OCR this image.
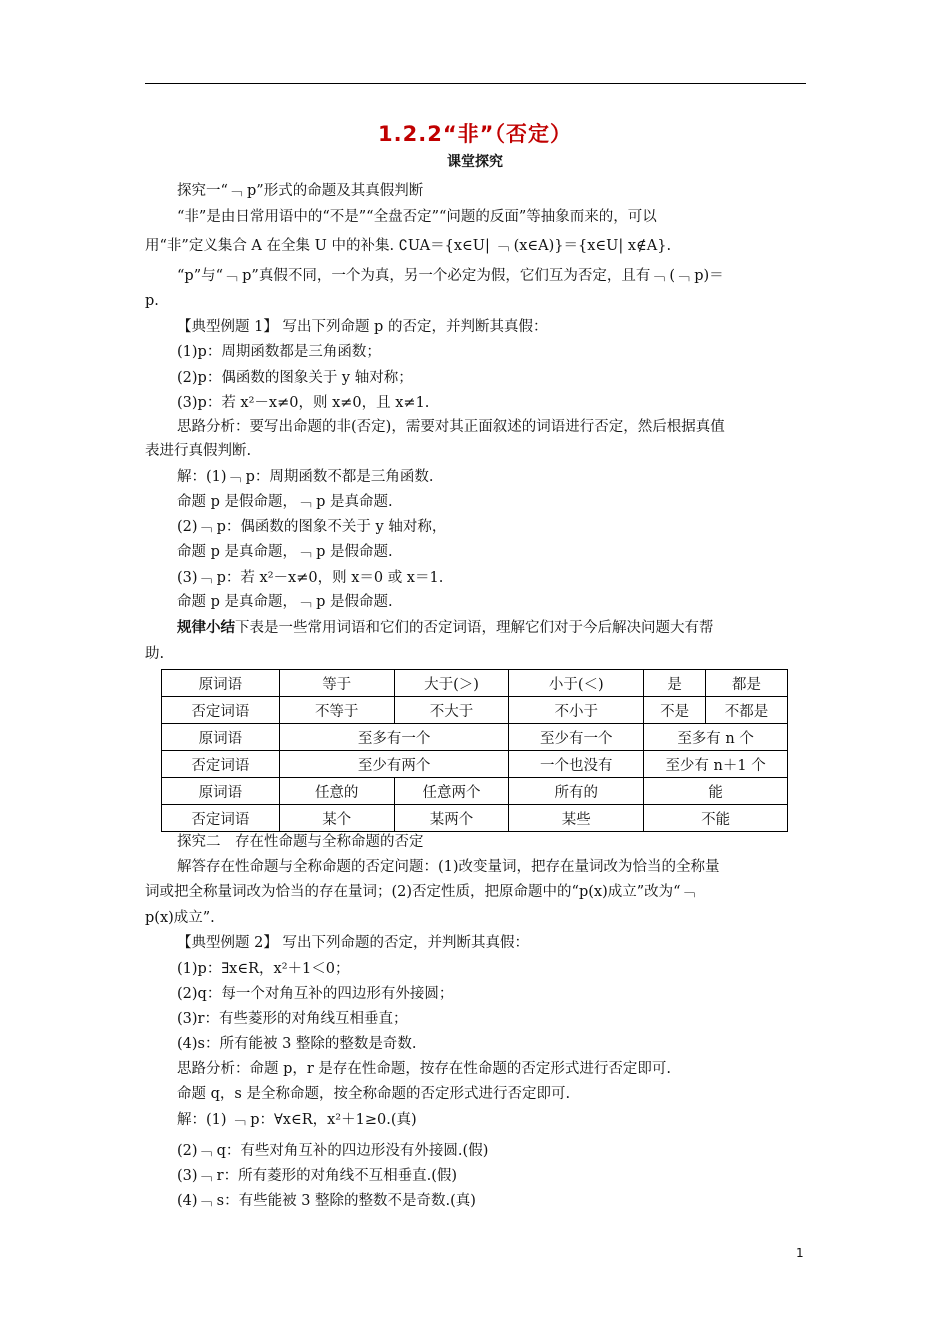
1.2.2“非”（否定）
课堂探究
探究一“﹁ p”形式的命题及其真假判断
“非”是由日常用语中的“不是”“全盘否定”“问题的反面”等抽象而来的，可以
用“非”定义集合 A 在全集 U 中的补集. ∁UA＝{x∈U| ﹁ (x∈A)}＝{x∈U| x∉A}.
“p”与“﹁ p”真假不同，一个为真，另一个必定为假，它们互为否定，且有﹁ (﹁ p)＝
p.
【典型例题 1】 写出下列命题 p 的否定，并判断其真假：
(1)p：周期函数都是三角函数；
(2)p：偶函数的图象关于 y 轴对称；
(3)p：若 x²－x≠0，则 x≠0，且 x≠1.
思路分析：要写出命题的非(否定)，需要对其正面叙述的词语进行否定，然后根据真值
表进行真假判断.
解：(1)﹁ p：周期函数不都是三角函数.
命题 p 是假命题，﹁ p 是真命题.
(2)﹁ p：偶函数的图象不关于 y 轴对称，
命题 p 是真命题，﹁ p 是假命题.
(3)﹁ p：若 x²－x≠0，则 x＝0 或 x＝1.
命题 p 是真命题，﹁ p 是假命题.
规律小结下表是一些常用词语和它们的否定词语，理解它们对于今后解决问题大有帮
助.
原词语	等于	大于(＞)	小于(＜)	是	都是
否定词语	不等于	不大于	不小于	不是	不都是
原词语	至多有一个		至少有一个	至多有 n 个	
否定词语	至少有两个		一个也没有	至少有 n＋1 个	
原词语	任意的	任意两个	所有的	能	
否定词语	某个	某两个	某些	不能	
探究二　存在性命题与全称命题的否定
解答存在性命题与全称命题的否定问题：(1)改变量词，把存在量词改为恰当的全称量
词或把全称量词改为恰当的存在量词；(2)否定性质，把原命题中的“p(x)成立”改为“﹁
p(x)成立”.
【典型例题 2】 写出下列命题的否定，并判断其真假：
(1)p：∃x∈R，x²＋1＜0；
(2)q：每一个对角互补的四边形有外接圆；
(3)r：有些菱形的对角线互相垂直；
(4)s：所有能被 3 整除的整数是奇数.
思路分析：命题 p，r 是存在性命题，按存在性命题的否定形式进行否定即可.
命题 q，s 是全称命题，按全称命题的否定形式进行否定即可.
解：(1) ﹁ p：∀x∈R，x²＋1≥0.(真)
(2)﹁ q：有些对角互补的四边形没有外接圆.(假)
(3)﹁ r：所有菱形的对角线不互相垂直.(假)
(4)﹁ s：有些能被 3 整除的整数不是奇数.(真)
1
